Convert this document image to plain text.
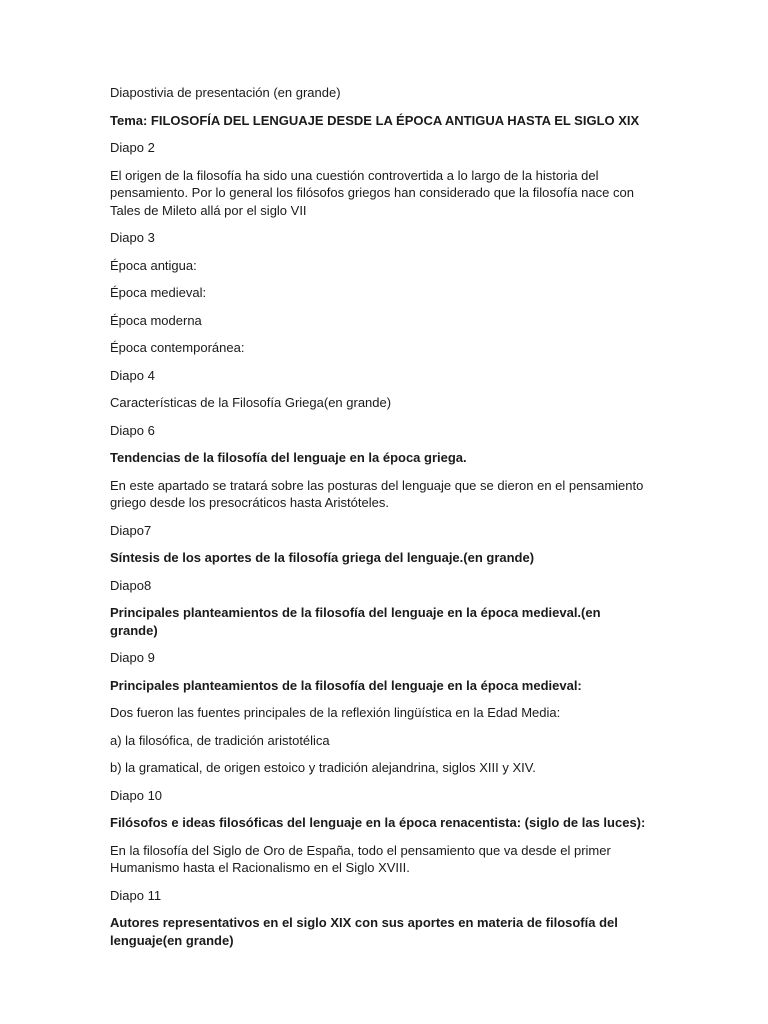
Diapostivia de presentación (en grande)

Tema: FILOSOFÍA DEL LENGUAJE DESDE LA ÉPOCA ANTIGUA HASTA EL SIGLO XIX

Diapo 2

El origen de la filosofía ha sido una cuestión controvertida a lo largo de la historia del pensamiento. Por lo general los filósofos griegos han considerado que la filosofía nace con Tales de Mileto allá por el siglo VII

Diapo 3

Época antigua:

Época medieval:

Época moderna

Época contemporánea:

Diapo 4

Características de la Filosofía Griega(en grande)

Diapo 6

Tendencias de la filosofía del lenguaje en la época griega.

En este apartado se tratará sobre las posturas del lenguaje que se dieron en el pensamiento griego desde los presocráticos hasta Aristóteles.

Diapo7

Síntesis de los aportes de la filosofía griega del lenguaje.(en grande)

Diapo8

Principales planteamientos de la filosofía del lenguaje en la época medieval.(en grande)

Diapo 9

Principales planteamientos de la filosofía del lenguaje en la época medieval:

Dos fueron las fuentes principales de la reflexión lingüística en la Edad Media:

a) la filosófica, de tradición aristotélica

b) la gramatical, de origen estoico y tradición alejandrina, siglos XIII y XIV.

Diapo 10

Filósofos e ideas filosóficas del lenguaje en la época renacentista: (siglo de las luces):

En la filosofía del Siglo de Oro de España, todo el pensamiento que va desde el primer Humanismo hasta el Racionalismo en el Siglo XVIII.

Diapo 11

Autores representativos en el siglo XIX con sus aportes en materia de filosofía del lenguaje(en grande)
